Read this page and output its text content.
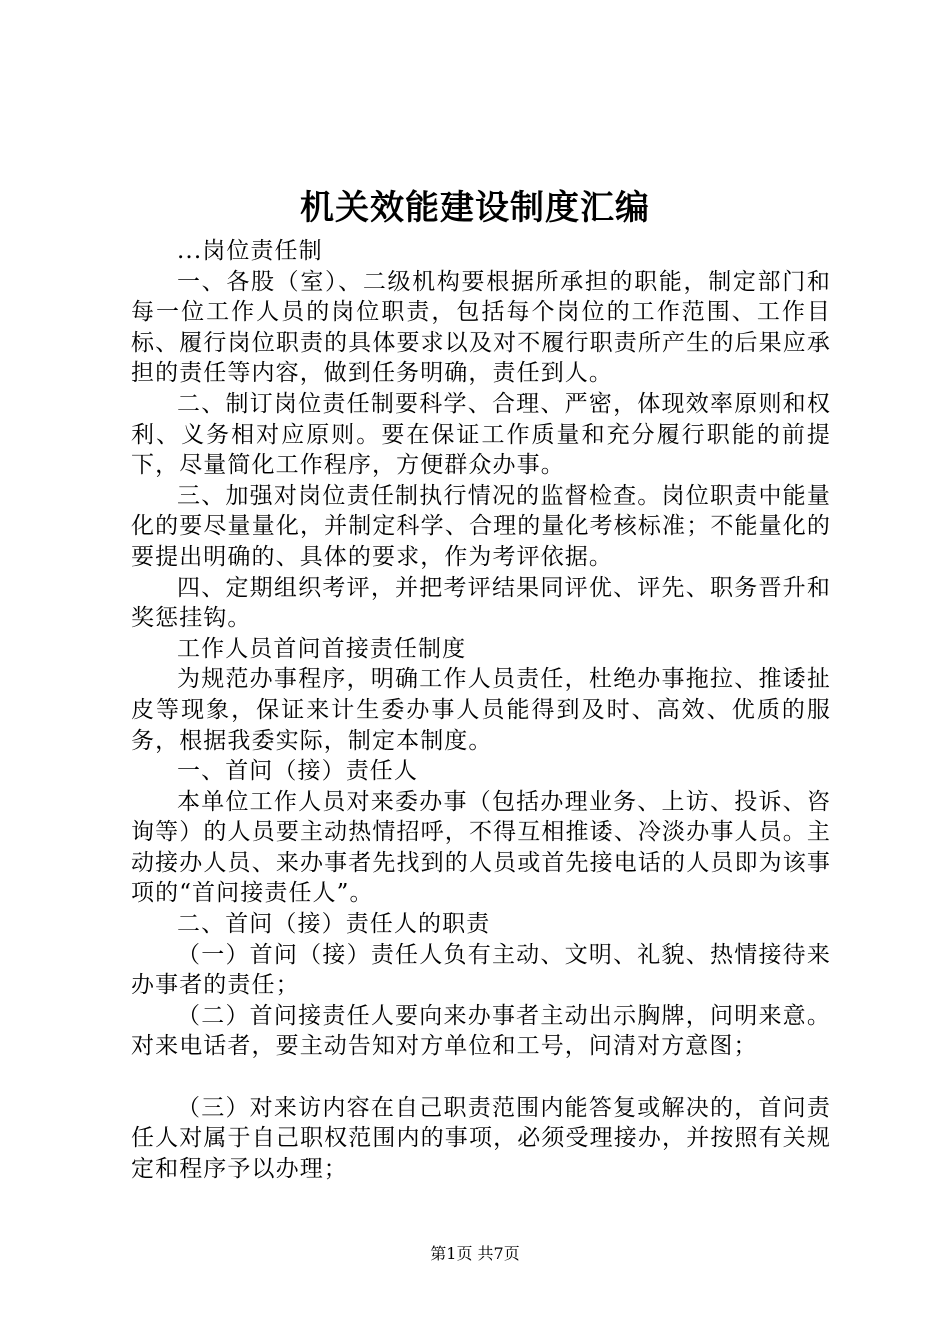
机关效能建设制度汇编

...岗位责任制

一、各股（室）、二级机构要根据所承担的职能，制定部门和每一位工作人员的岗位职责，包括每个岗位的工作范围、工作目标、履行岗位职责的具体要求以及对不履行职责所产生的后果应承担的责任等内容，做到任务明确，责任到人。

二、制订岗位责任制要科学、合理、严密，体现效率原则和权利、义务相对应原则。要在保证工作质量和充分履行职能的前提下，尽量简化工作程序，方便群众办事。

三、加强对岗位责任制执行情况的监督检查。岗位职责中能量化的要尽量量化，并制定科学、合理的量化考核标准；不能量化的要提出明确的、具体的要求，作为考评依据。

四、定期组织考评，并把考评结果同评优、评先、职务晋升和奖惩挂钩。

工作人员首问首接责任制度

为规范办事程序，明确工作人员责任，杜绝办事拖拉、推诿扯皮等现象，保证来计生委办事人员能得到及时、高效、优质的服务，根据我委实际，制定本制度。

一、首问（接）责任人

本单位工作人员对来委办事（包括办理业务、上访、投诉、咨询等）的人员要主动热情招呼，不得互相推诿、冷淡办事人员。主动接办人员、来办事者先找到的人员或首先接电话的人员即为该事项的“首问接责任人”。

二、首问（接）责任人的职责

（一）首问（接）责任人负有主动、文明、礼貌、热情接待来办事者的责任；

（二）首问接责任人要向来办事者主动出示胸牌，问明来意。对来电话者，要主动告知对方单位和工号，问清对方意图；

（三）对来访内容在自己职责范围内能答复或解决的，首问责任人对属于自己职权范围内的事项，必须受理接办，并按照有关规定和程序予以办理；

第1页 共7页
